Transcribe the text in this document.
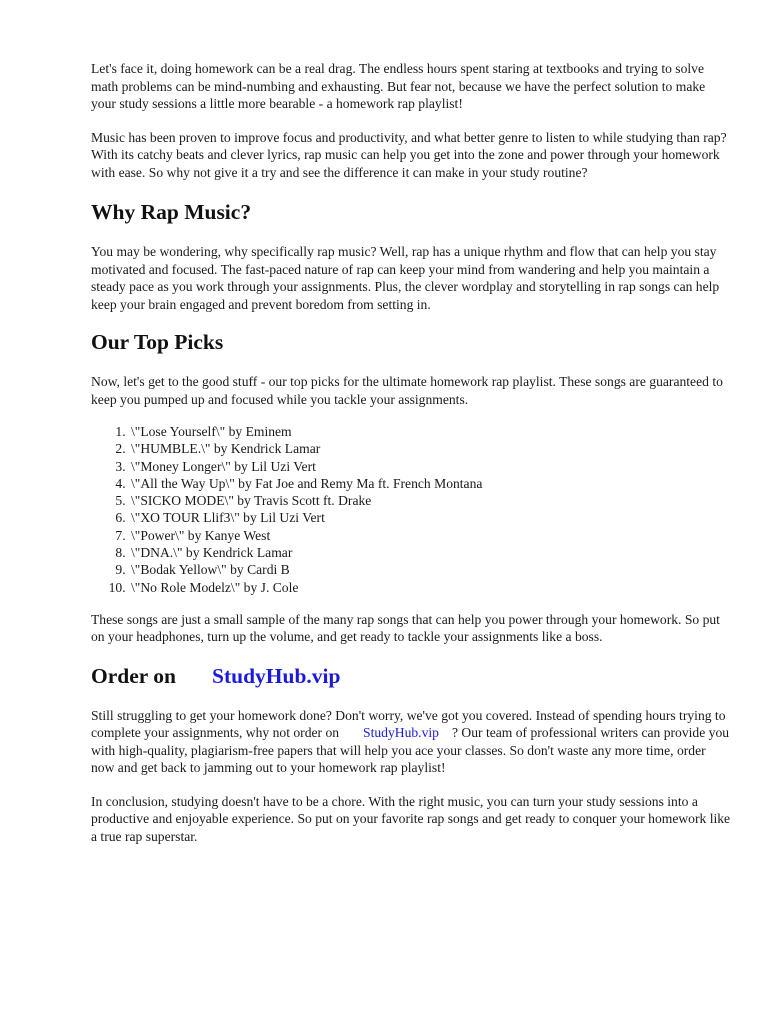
Let's face it, doing homework can be a real drag. The endless hours spent staring at textbooks and trying to solve math problems can be mind-numbing and exhausting. But fear not, because we have the perfect solution to make your study sessions a little more bearable - a homework rap playlist!

Music has been proven to improve focus and productivity, and what better genre to listen to while studying than rap? With its catchy beats and clever lyrics, rap music can help you get into the zone and power through your homework with ease. So why not give it a try and see the difference it can make in your study routine?

Why Rap Music?

You may be wondering, why specifically rap music? Well, rap has a unique rhythm and flow that can help you stay motivated and focused. The fast-paced nature of rap can keep your mind from wandering and help you maintain a steady pace as you work through your assignments. Plus, the clever wordplay and storytelling in rap songs can help keep your brain engaged and prevent boredom from setting in.

Our Top Picks

Now, let's get to the good stuff - our top picks for the ultimate homework rap playlist. These songs are guaranteed to keep you pumped up and focused while you tackle your assignments.

1. \"Lose Yourself\" by Eminem
2. \"HUMBLE.\" by Kendrick Lamar
3. \"Money Longer\" by Lil Uzi Vert
4. \"All the Way Up\" by Fat Joe and Remy Ma ft. French Montana
5. \"SICKO MODE\" by Travis Scott ft. Drake
6. \"XO TOUR Llif3\" by Lil Uzi Vert
7. \"Power\" by Kanye West
8. \"DNA.\" by Kendrick Lamar
9. \"Bodak Yellow\" by Cardi B
10. \"No Role Modelz\" by J. Cole

These songs are just a small sample of the many rap songs that can help you power through your homework. So put on your headphones, turn up the volume, and get ready to tackle your assignments like a boss.

Order on StudyHub.vip

Still struggling to get your homework done? Don't worry, we've got you covered. Instead of spending hours trying to complete your assignments, why not order on StudyHub.vip ? Our team of professional writers can provide you with high-quality, plagiarism-free papers that will help you ace your classes. So don't waste any more time, order now and get back to jamming out to your homework rap playlist!

In conclusion, studying doesn't have to be a chore. With the right music, you can turn your study sessions into a productive and enjoyable experience. So put on your favorite rap songs and get ready to conquer your homework like a true rap superstar.
